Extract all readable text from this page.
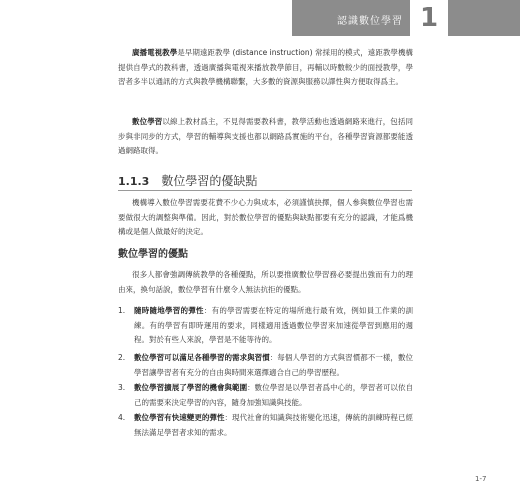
認識數位學習 1

廣播電視教學是早期遠距教學 (distance instruction) 常採用的模式，遠距教學機構提供自學式的教科書，透過廣播與電視來播放教學節目，再輔以時數較少的面授教學，學習者多半以通訊的方式與教學機構聯繫，大多數的資源與服務以譯性與方便取得爲主。

數位學習以線上教材爲主，不見得需要教科書，教學活動也透過網路來進行，包括同步與非同步的方式，學習的輔導與支援也都以網路爲實施的平台，各種學習資源都要能透過網路取得。

1.1.3 數位學習的優缺點

機構導入數位學習需要花費不少心力與成本，必須謹慎抉擇，個人參與數位學習也需要做很大的調整與準備。因此，對於數位學習的優點與缺點都要有充分的認識，才能爲機構或是個人做最好的決定。

數位學習的優點

很多人都會強調傳統教學的各種優點，所以要推廣數位學習務必要提出強而有力的理由來，換句話說，數位學習有什麼令人無法抗拒的優點。

1.	隨時隨地學習的彈性：有的學習需要在特定的場所進行最有效，例如員工作業的訓練。有的學習有即時運用的要求，同樣適用透過數位學習來加速從學習到應用的週程。對於有些人來說，學習是不能等待的。
2.	數位學習可以滿足各種學習的需求與習慣：每個人學習的方式與習慣都不一樣，數位學習讓學習者有充分的自由與時間來選擇適合自己的學習歷程。
3.	數位學習擴展了學習的機會與範圍：數位學習是以學習者爲中心的，學習者可以依自己的需要來決定學習的內容，隨身加強知識與技能。
4.	數位學習有快速變更的彈性：現代社會的知識與技術變化迅速，傳統的訓練時程已經無法滿足學習者求知的需求。
1-7
